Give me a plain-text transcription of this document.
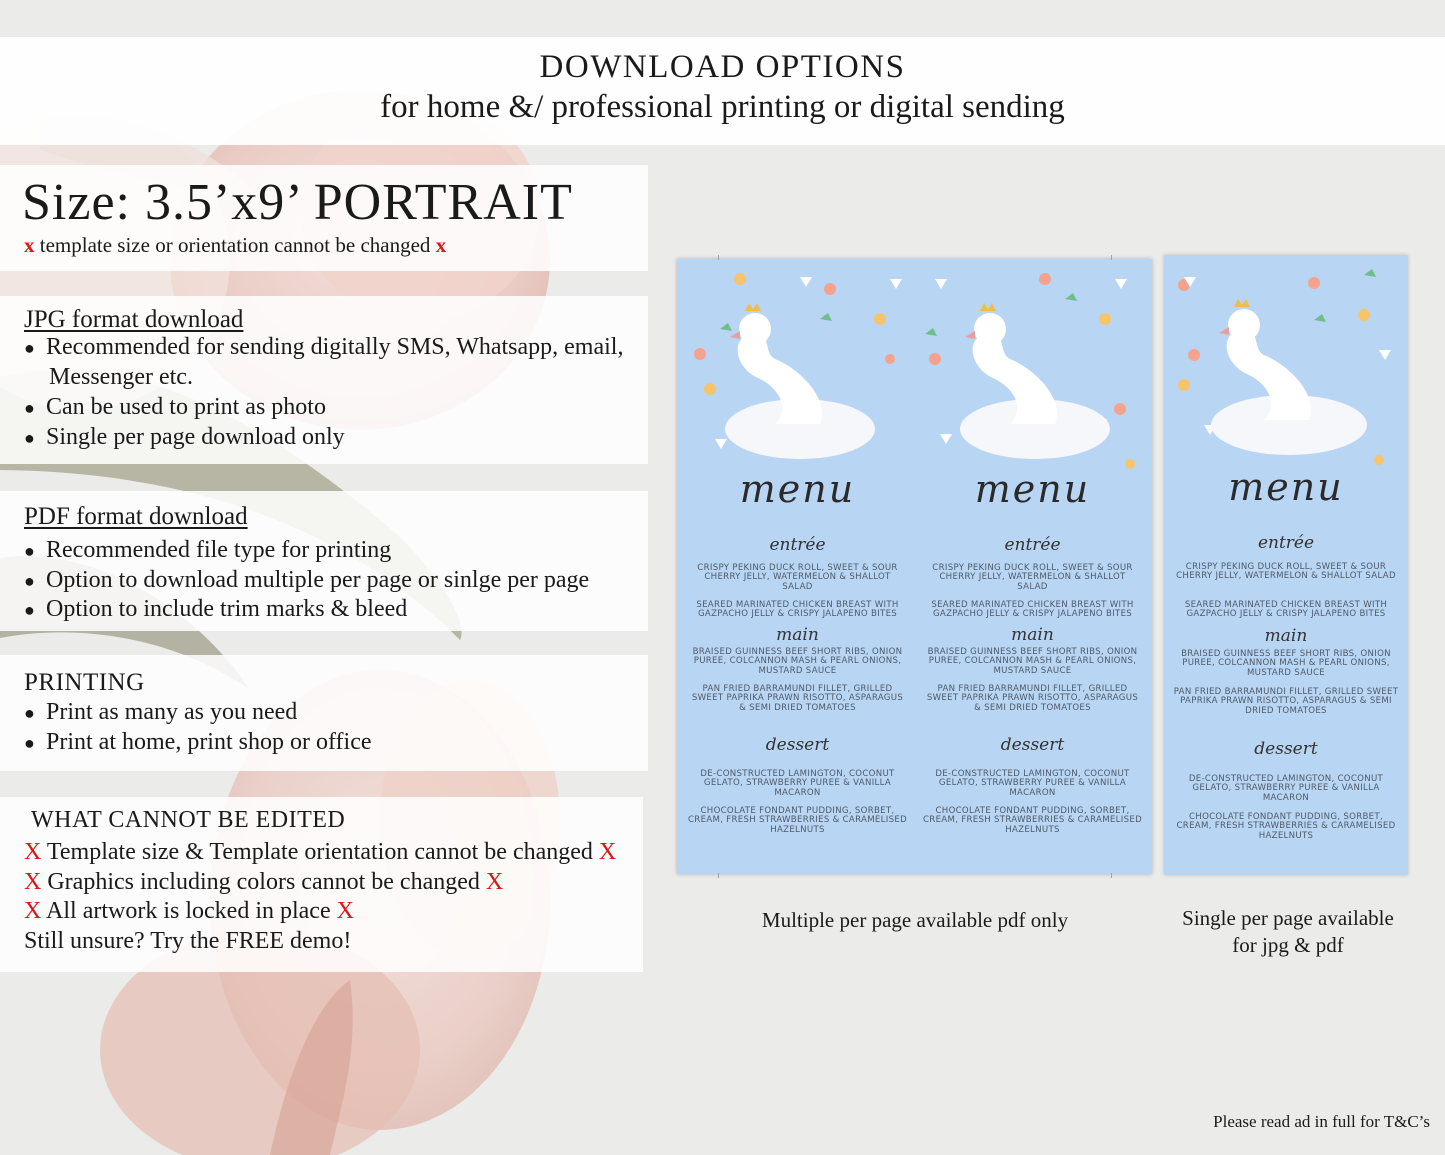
DOWNLOAD OPTIONS
for home &/ professional printing or digital sending
Size: 3.5’x9’ PORTRAIT
x template size or orientation cannot be changed x
JPG format download
● Recommended for sending digitally SMS, Whatsapp, email,
Messenger etc.
● Can be used to print as photo
● Single per page download only
PDF format download
● Recommended file type for printing
● Option to download multiple per page or sinlge per page
● Option to include trim marks & bleed
PRINTING
● Print as many as you need
● Print at home, print shop or office
WHAT CANNOT BE EDITED
X Template size & Template orientation cannot be changed X
X Graphics including colors cannot be changed X
X All artwork is locked in place X
Still unsure? Try the FREE demo!
menu
entrée
CRISPY PEKING DUCK ROLL, SWEET & SOUR CHERRY JELLY, WATERMELON & SHALLOT SALAD
SEARED MARINATED CHICKEN BREAST WITH GAZPACHO JELLY & CRISPY JALAPENO BITES
main
BRAISED GUINNESS BEEF SHORT RIBS, ONION PUREE, COLCANNON MASH & PEARL ONIONS, MUSTARD SAUCE
PAN FRIED BARRAMUNDI FILLET, GRILLED SWEET PAPRIKA PRAWN RISOTTO, ASPARAGUS & SEMI DRIED TOMATOES
dessert
DE-CONSTRUCTED LAMINGTON, COCONUT GELATO, STRAWBERRY PUREE & VANILLA MACARON
CHOCOLATE FONDANT PUDDING, SORBET, CREAM, FRESH STRAWBERRIES & CARAMELISED HAZELNUTS
menu
entrée
CRISPY PEKING DUCK ROLL, SWEET & SOUR CHERRY JELLY, WATERMELON & SHALLOT SALAD
SEARED MARINATED CHICKEN BREAST WITH GAZPACHO JELLY & CRISPY JALAPENO BITES
main
BRAISED GUINNESS BEEF SHORT RIBS, ONION PUREE, COLCANNON MASH & PEARL ONIONS, MUSTARD SAUCE
PAN FRIED BARRAMUNDI FILLET, GRILLED SWEET PAPRIKA PRAWN RISOTTO, ASPARAGUS & SEMI DRIED TOMATOES
dessert
DE-CONSTRUCTED LAMINGTON, COCONUT GELATO, STRAWBERRY PUREE & VANILLA MACARON
CHOCOLATE FONDANT PUDDING, SORBET, CREAM, FRESH STRAWBERRIES & CARAMELISED HAZELNUTS
menu
entrée
CRISPY PEKING DUCK ROLL, SWEET & SOUR CHERRY JELLY, WATERMELON & SHALLOT SALAD
SEARED MARINATED CHICKEN BREAST WITH GAZPACHO JELLY & CRISPY JALAPENO BITES
main
BRAISED GUINNESS BEEF SHORT RIBS, ONION PUREE, COLCANNON MASH & PEARL ONIONS, MUSTARD SAUCE
PAN FRIED BARRAMUNDI FILLET, GRILLED SWEET PAPRIKA PRAWN RISOTTO, ASPARAGUS & SEMI DRIED TOMATOES
dessert
DE-CONSTRUCTED LAMINGTON, COCONUT GELATO, STRAWBERRY PUREE & VANILLA MACARON
CHOCOLATE FONDANT PUDDING, SORBET, CREAM, FRESH STRAWBERRIES & CARAMELISED HAZELNUTS
Multiple per page available pdf only	Single per page available
for jpg & pdf
Please read ad in full for T&C’s
